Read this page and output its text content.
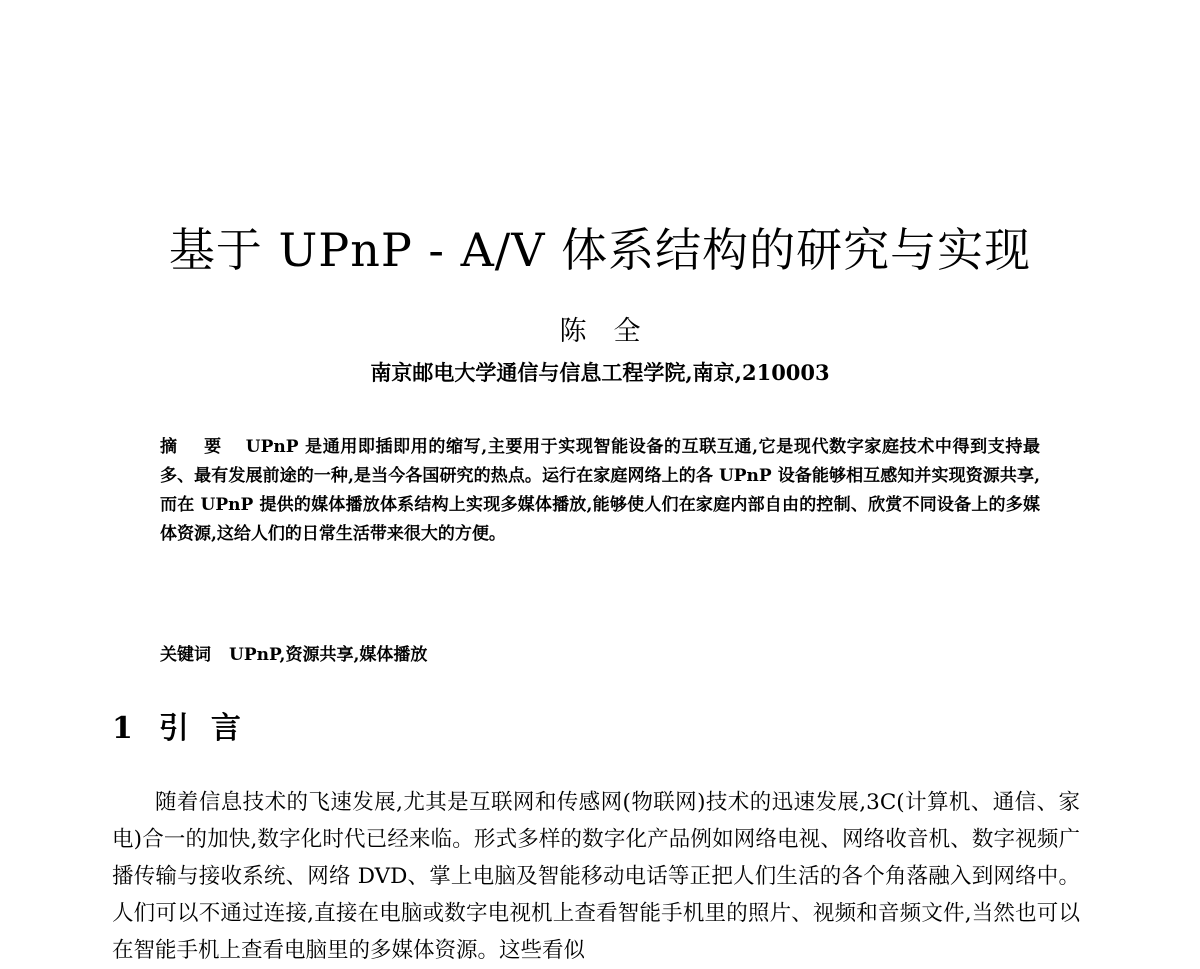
基于 UPnP - A/V 体系结构的研究与实现
陈　全
南京邮电大学通信与信息工程学院,南京,210003
摘 要 UPnP 是通用即插即用的缩写,主要用于实现智能设备的互联互通,它是现代数字家庭技术中得到支持最多、最有发展前途的一种,是当今各国研究的热点。运行在家庭网络上的各 UPnP 设备能够相互感知并实现资源共享,而在 UPnP 提供的媒体播放体系结构上实现多媒体播放,能够使人们在家庭内部自由的控制、欣赏不同设备上的多媒体资源,这给人们的日常生活带来很大的方便。
关键词 UPnP,资源共享,媒体播放
1 引言
随着信息技术的飞速发展,尤其是互联网和传感网(物联网)技术的迅速发展,3C(计算机、通信、家电)合一的加快,数字化时代已经来临。形式多样的数字化产品例如网络电视、网络收音机、数字视频广播传输与接收系统、网络 DVD、掌上电脑及智能移动电话等正把人们生活的各个角落融入到网络中。人们可以不通过连接,直接在电脑或数字电视机上查看智能手机里的照片、视频和音频文件,当然也可以在智能手机上查看电脑里的多媒体资源。这些看似
